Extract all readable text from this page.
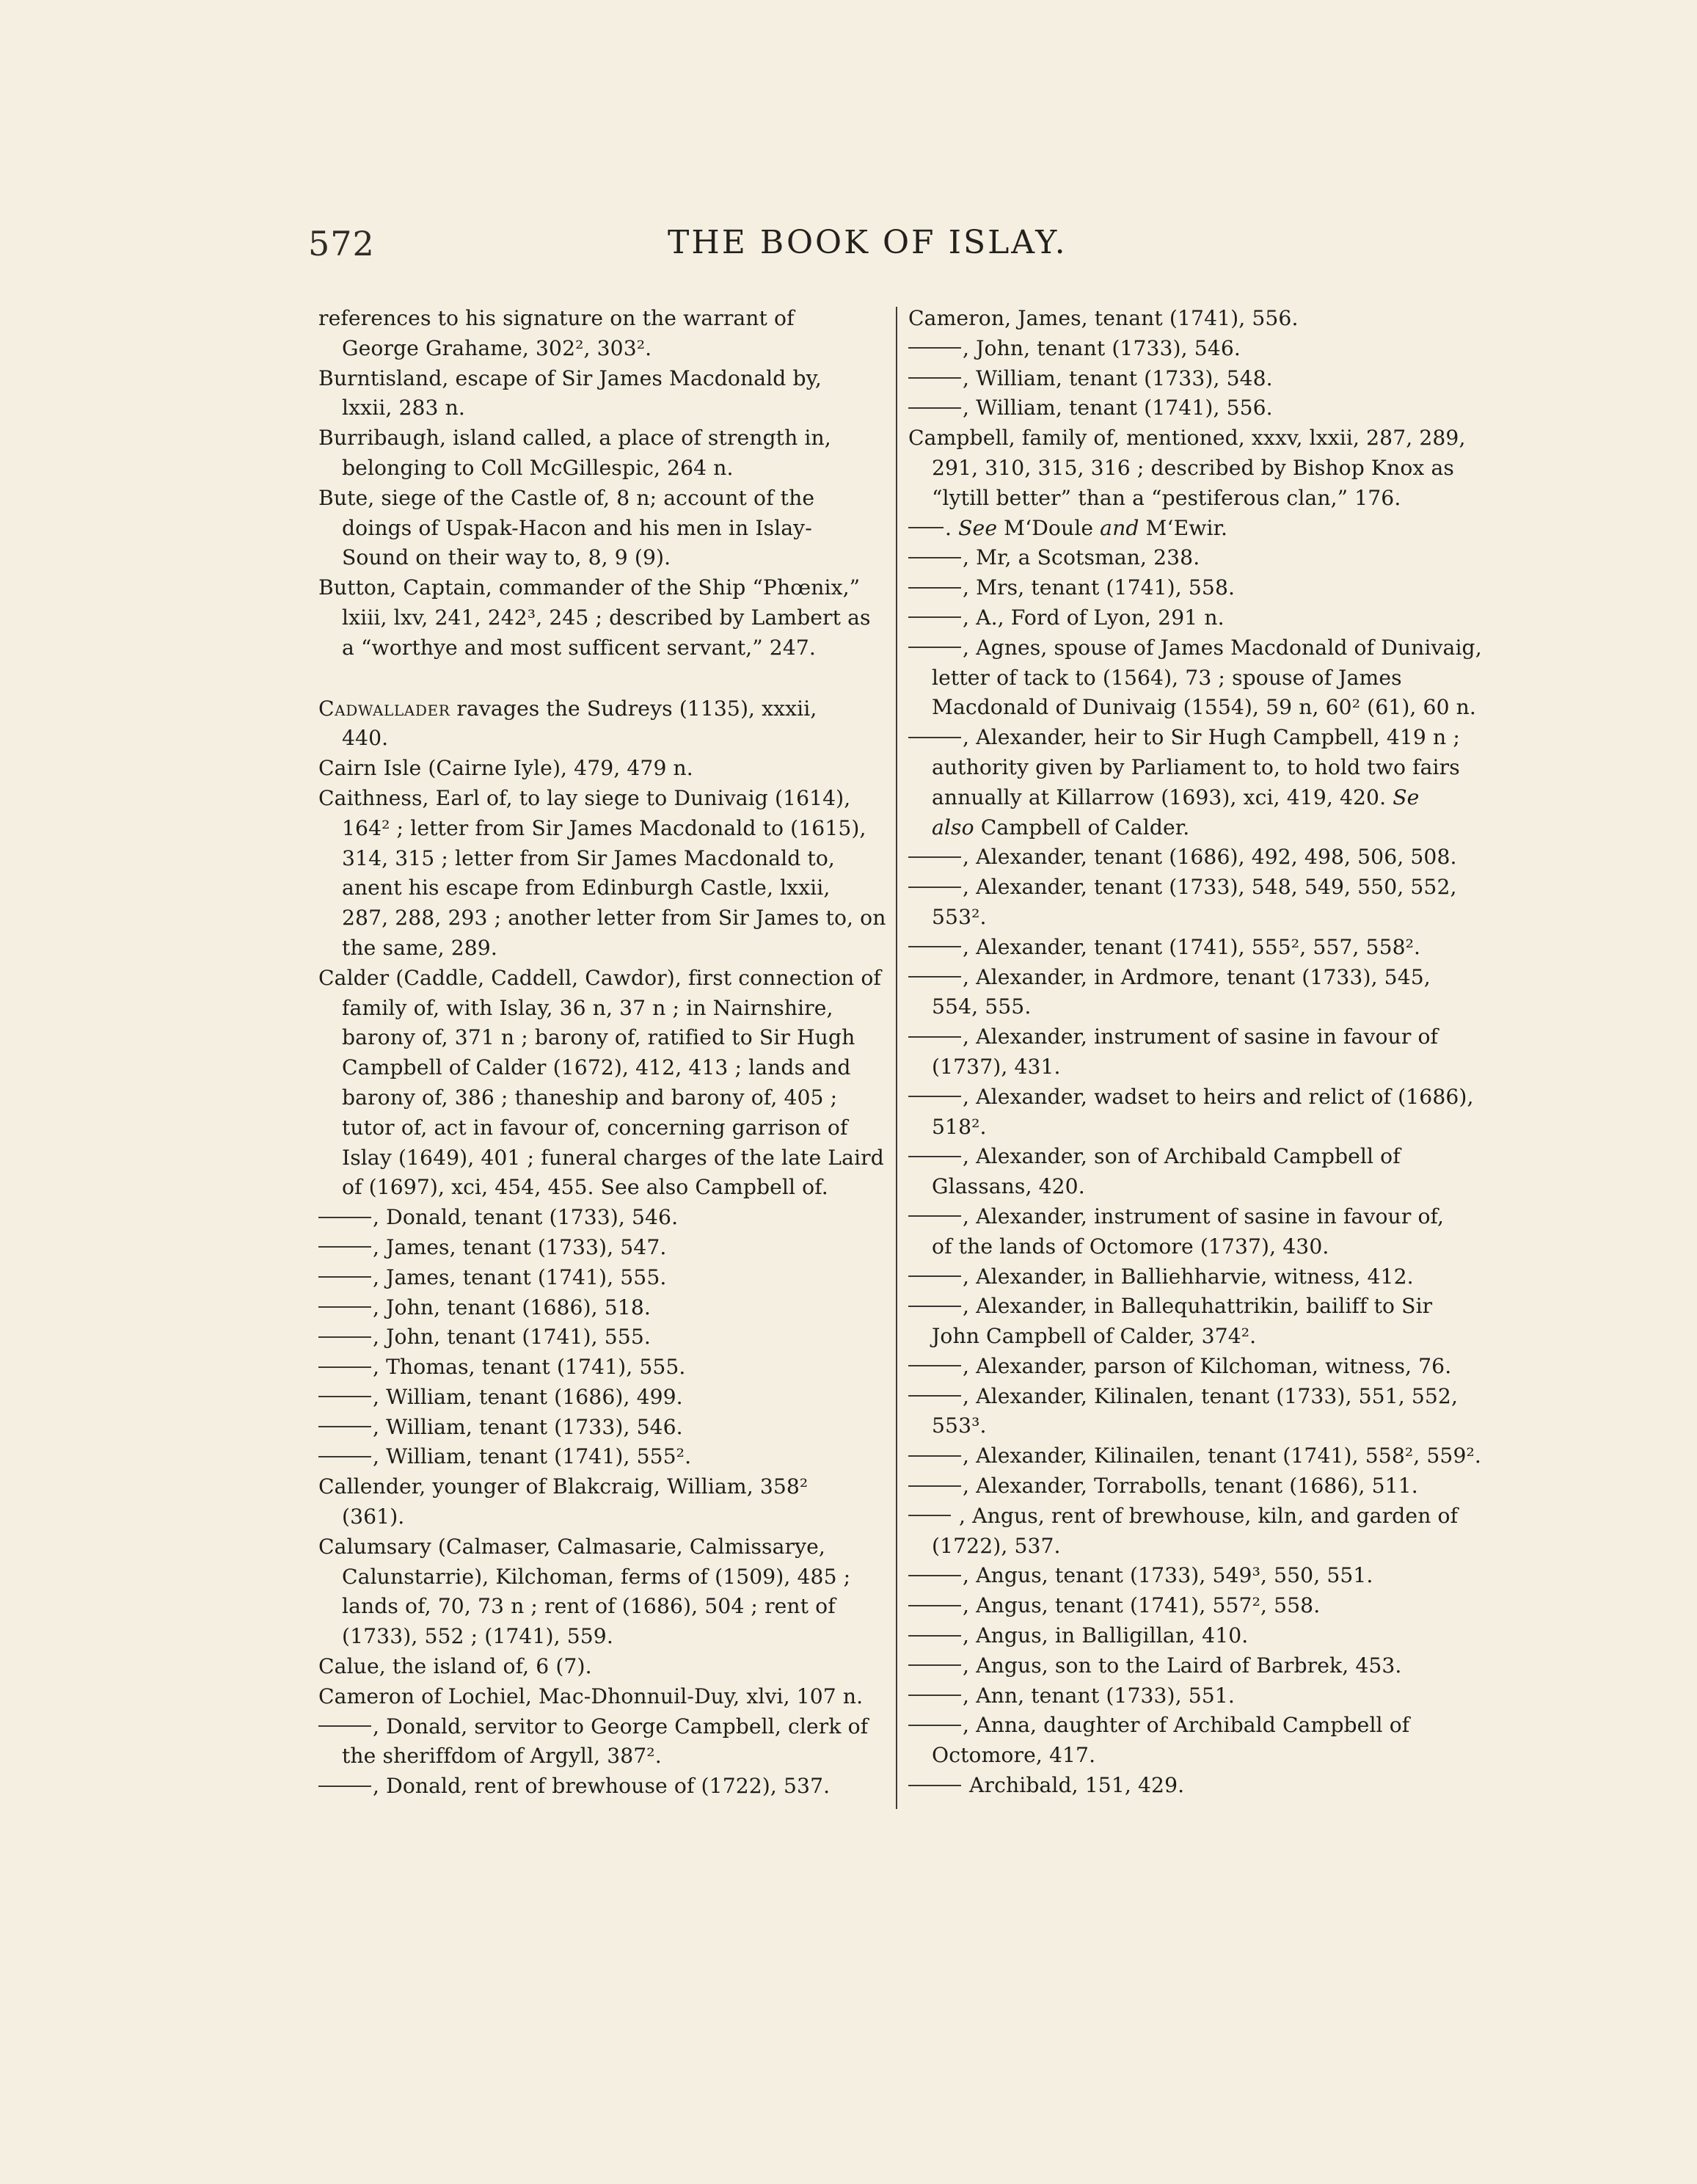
572	THE BOOK OF ISLAY.

references to his signature on the warrant of
George Grahame, 302², 303².

Burntisland, escape of Sir James Macdonald by,
lxxii, 283 n.

Burribaugh, island called, a place of strength in,
belonging to Coll McGillespic, 264 n.

Bute, siege of the Castle of, 8 n; account of the
doings of Uspak-Hacon and his men in Islay-
Sound on their way to, 8, 9 (9).

Button, Captain, commander of the Ship “Phœnix,”
lxiii, lxv, 241, 242³, 245 ; described by Lambert as
a “worthye and most sufficent servant,” 247.

Cadwallader ravages the Sudreys (1135), xxxii,
440.

Cairn Isle (Cairne Iyle), 479, 479 n.

Caithness, Earl of, to lay siege to Dunivaig (1614),
164² ; letter from Sir James Macdonald to (1615),
314, 315 ; letter from Sir James Macdonald to,
anent his escape from Edinburgh Castle, lxxii,
287, 288, 293 ; another letter from Sir James to, on
the same, 289.

Calder (Caddle, Caddell, Cawdor), first connection of
family of, with Islay, 36 n, 37 n ; in Nairnshire,
barony of, 371 n ; barony of, ratified to Sir Hugh
Campbell of Calder (1672), 412, 413 ; lands and
barony of, 386 ; thaneship and barony of, 405 ;
tutor of, act in favour of, concerning garrison of
Islay (1649), 401 ; funeral charges of the late Laird
of (1697), xci, 454, 455. See also Campbell of.

, Donald, tenant (1733), 546.

, James, tenant (1733), 547.

, James, tenant (1741), 555.

, John, tenant (1686), 518.

, John, tenant (1741), 555.

, Thomas, tenant (1741), 555.

, William, tenant (1686), 499.

, William, tenant (1733), 546.

, William, tenant (1741), 555².

Callender, younger of Blakcraig, William, 358²
(361).

Calumsary (Calmaser, Calmasarie, Calmissarye,
Calunstarrie), Kilchoman, ferms of (1509), 485 ;
lands of, 70, 73 n ; rent of (1686), 504 ; rent of
(1733), 552 ; (1741), 559.

Calue, the island of, 6 (7).

Cameron of Lochiel, Mac-Dhonnuil-Duy, xlvi, 107 n.

, Donald, servitor to George Campbell, clerk of
the sheriffdom of Argyll, 387².

, Donald, rent of brewhouse of (1722), 537.

Cameron, James, tenant (1741), 556.

, John, tenant (1733), 546.

, William, tenant (1733), 548.

, William, tenant (1741), 556.

Campbell, family of, mentioned, xxxv, lxxii, 287, 289,
291, 310, 315, 316 ; described by Bishop Knox as
“lytill better” than a “pestiferous clan,” 176.

. See M‘Doule and M‘Ewir.

, Mr, a Scotsman, 238.

, Mrs, tenant (1741), 558.

, A., Ford of Lyon, 291 n.

, Agnes, spouse of James Macdonald of Dunivaig,
letter of tack to (1564), 73 ; spouse of James
Macdonald of Dunivaig (1554), 59 n, 60² (61), 60 n.

, Alexander, heir to Sir Hugh Campbell, 419 n ;
authority given by Parliament to, to hold two fairs
annually at Killarrow (1693), xci, 419, 420. Se
also Campbell of Calder.

, Alexander, tenant (1686), 492, 498, 506, 508.

, Alexander, tenant (1733), 548, 549, 550, 552,
553².

, Alexander, tenant (1741), 555², 557, 558².

, Alexander, in Ardmore, tenant (1733), 545,
554, 555.

, Alexander, instrument of sasine in favour of
(1737), 431.

, Alexander, wadset to heirs and relict of (1686),
518².

, Alexander, son of Archibald Campbell of
Glassans, 420.

, Alexander, instrument of sasine in favour of,
of the lands of Octomore (1737), 430.

, Alexander, in Balliehharvie, witness, 412.

, Alexander, in Ballequhattrikin, bailiff to Sir
John Campbell of Calder, 374².

, Alexander, parson of Kilchoman, witness, 76.

, Alexander, Kilinalen, tenant (1733), 551, 552,
553³.

, Alexander, Kilinailen, tenant (1741), 558², 559².

, Alexander, Torrabolls, tenant (1686), 511.

, Angus, rent of brewhouse, kiln, and garden of
(1722), 537.

, Angus, tenant (1733), 549³, 550, 551.

, Angus, tenant (1741), 557², 558.

, Angus, in Balligillan, 410.

, Angus, son to the Laird of Barbrek, 453.

, Ann, tenant (1733), 551.

, Anna, daughter of Archibald Campbell of
Octomore, 417.

Archibald, 151, 429.
